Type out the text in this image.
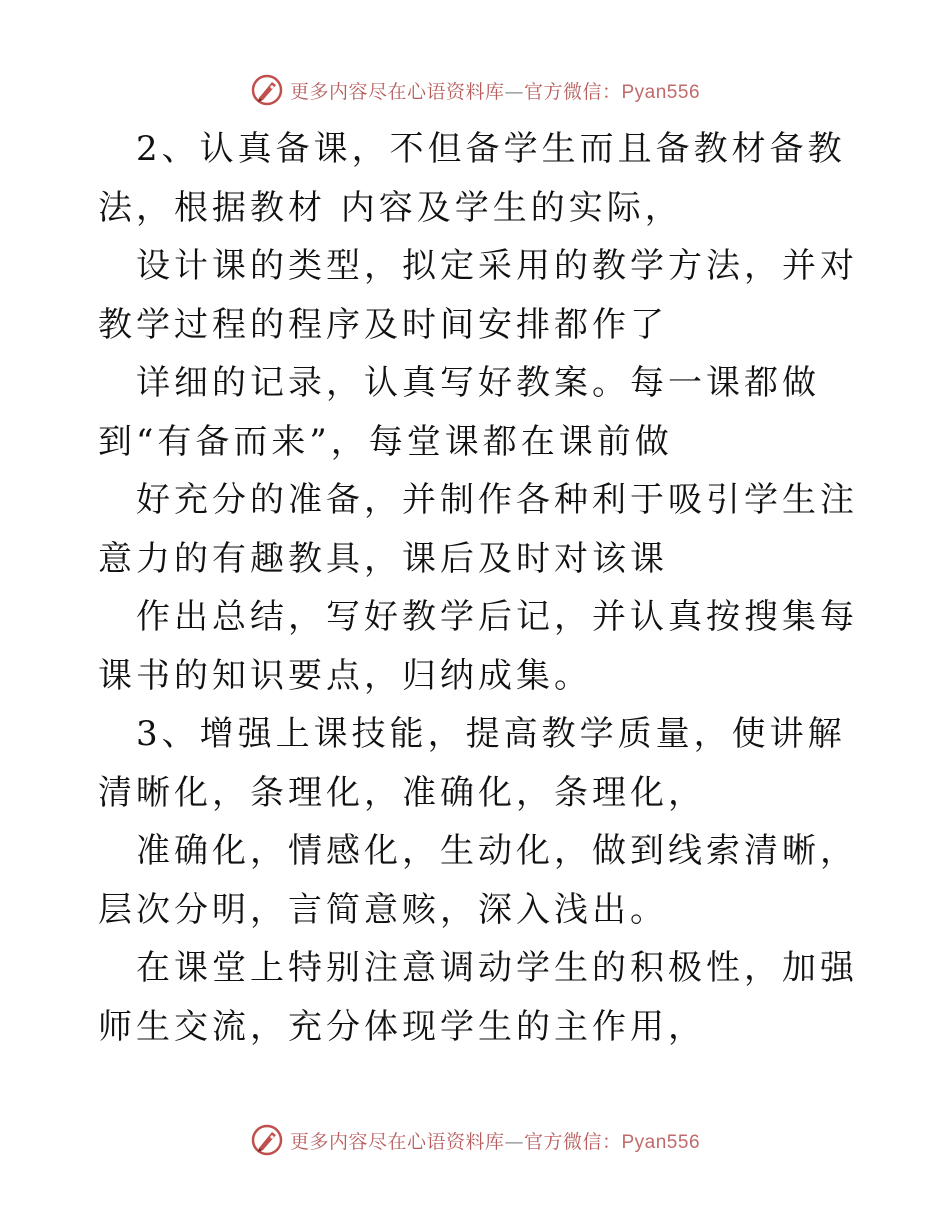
更多内容尽在心语资料库—官方微信：Pyan556

2、认真备课，不但备学生而且备教材备教法，根据教材 内容及学生的实际，

设计课的类型，拟定采用的教学方法，并对教学过程的程序及时间安排都作了

详细的记录，认真写好教案。每一课都做到“有备而来”，每堂课都在课前做

好充分的准备，并制作各种利于吸引学生注意力的有趣教具，课后及时对该课

作出总结，写好教学后记，并认真按搜集每课书的知识要点，归纳成集。

3、增强上课技能，提高教学质量，使讲解清晰化，条理化，准确化，条理化，

准确化，情感化，生动化，做到线索清晰，层次分明，言简意赅，深入浅出。

在课堂上特别注意调动学生的积极性，加强师生交流，充分体现学生的主作用，

更多内容尽在心语资料库—官方微信：Pyan556
